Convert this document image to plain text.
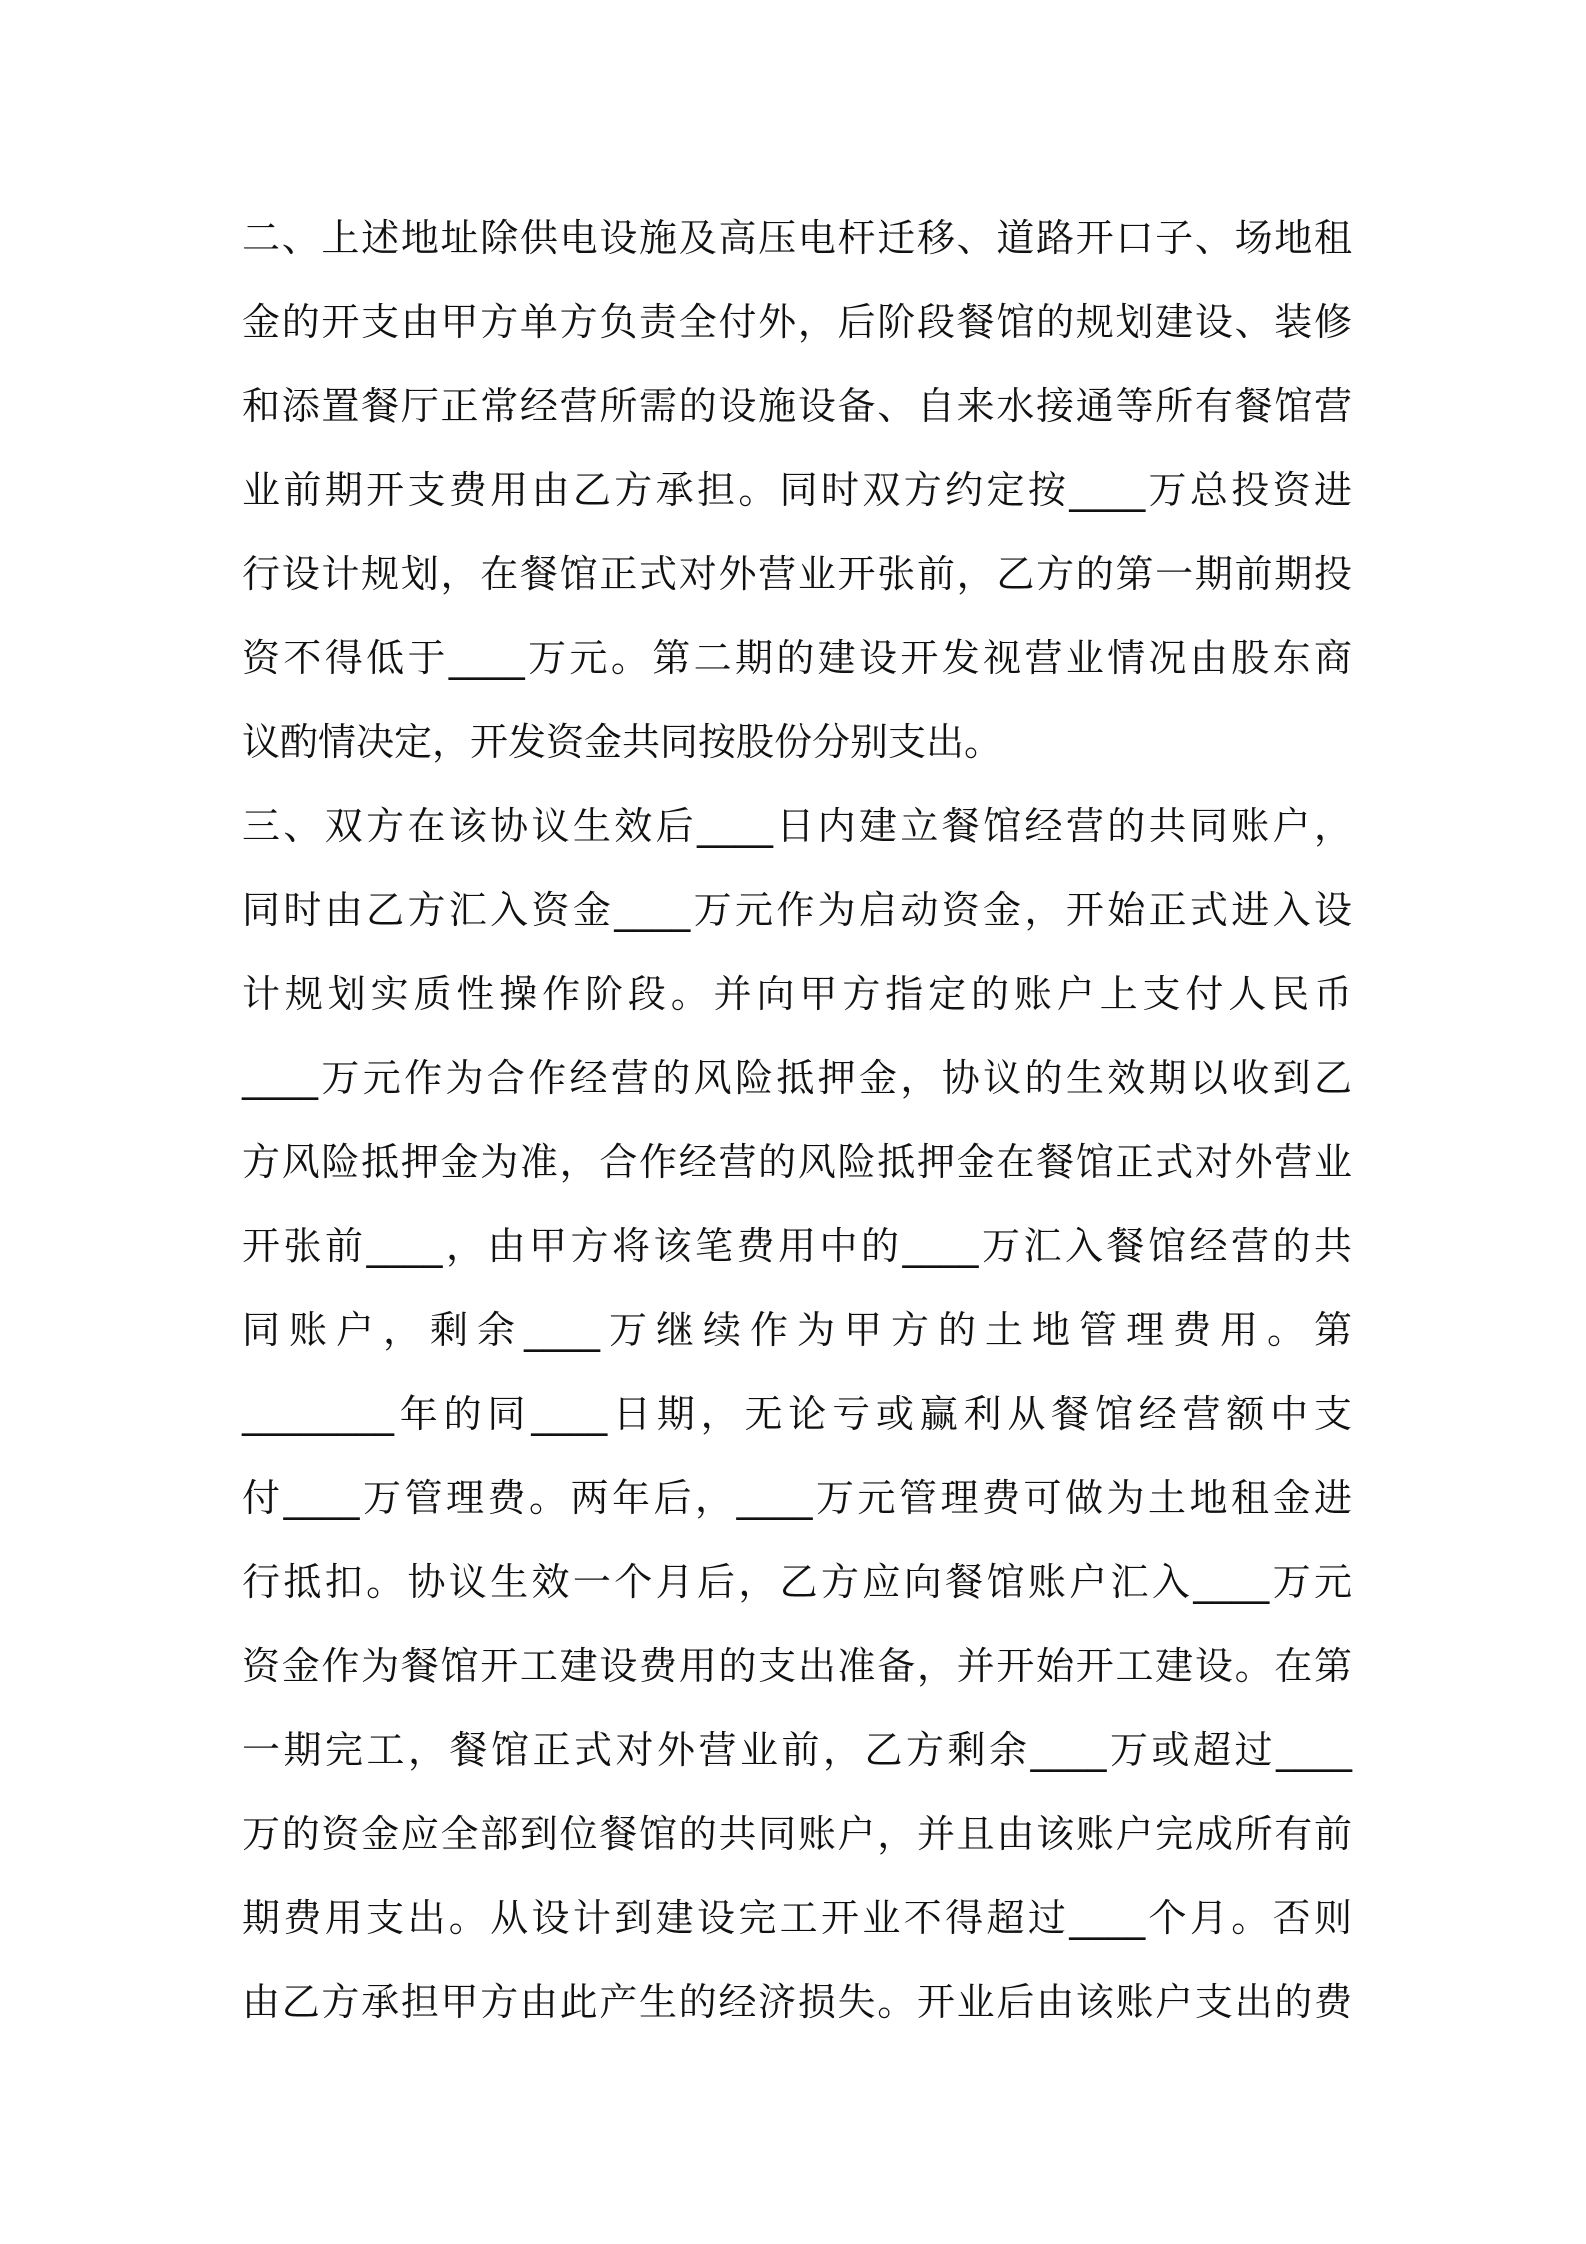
二、上述地址除供电设施及高压电杆迁移、道路开口子、场地租
金的开支由甲方单方负责全付外，后阶段餐馆的规划建设、装修
和添置餐厅正常经营所需的设施设备、自来水接通等所有餐馆营
业前期开支费用由乙方承担。同时双方约定按____万总投资进
行设计规划，在餐馆正式对外营业开张前，乙方的第一期前期投
资不得低于____万元。第二期的建设开发视营业情况由股东商
议酌情决定，开发资金共同按股份分别支出。
三、双方在该协议生效后____日内建立餐馆经营的共同账户，
同时由乙方汇入资金____万元作为启动资金，开始正式进入设
计规划实质性操作阶段。并向甲方指定的账户上支付人民币
____万元作为合作经营的风险抵押金，协议的生效期以收到乙
方风险抵押金为准，合作经营的风险抵押金在餐馆正式对外营业
开张前____，由甲方将该笔费用中的____万汇入餐馆经营的共
同账户，剩余____万继续作为甲方的土地管理费用。第
________年的同____日期，无论亏或赢利从餐馆经营额中支
付____万管理费。两年后，____万元管理费可做为土地租金进
行抵扣。协议生效一个月后，乙方应向餐馆账户汇入____万元
资金作为餐馆开工建设费用的支出准备，并开始开工建设。在第
一期完工，餐馆正式对外营业前，乙方剩余____万或超过____
万的资金应全部到位餐馆的共同账户，并且由该账户完成所有前
期费用支出。从设计到建设完工开业不得超过____个月。否则
由乙方承担甲方由此产生的经济损失。开业后由该账户支出的费
